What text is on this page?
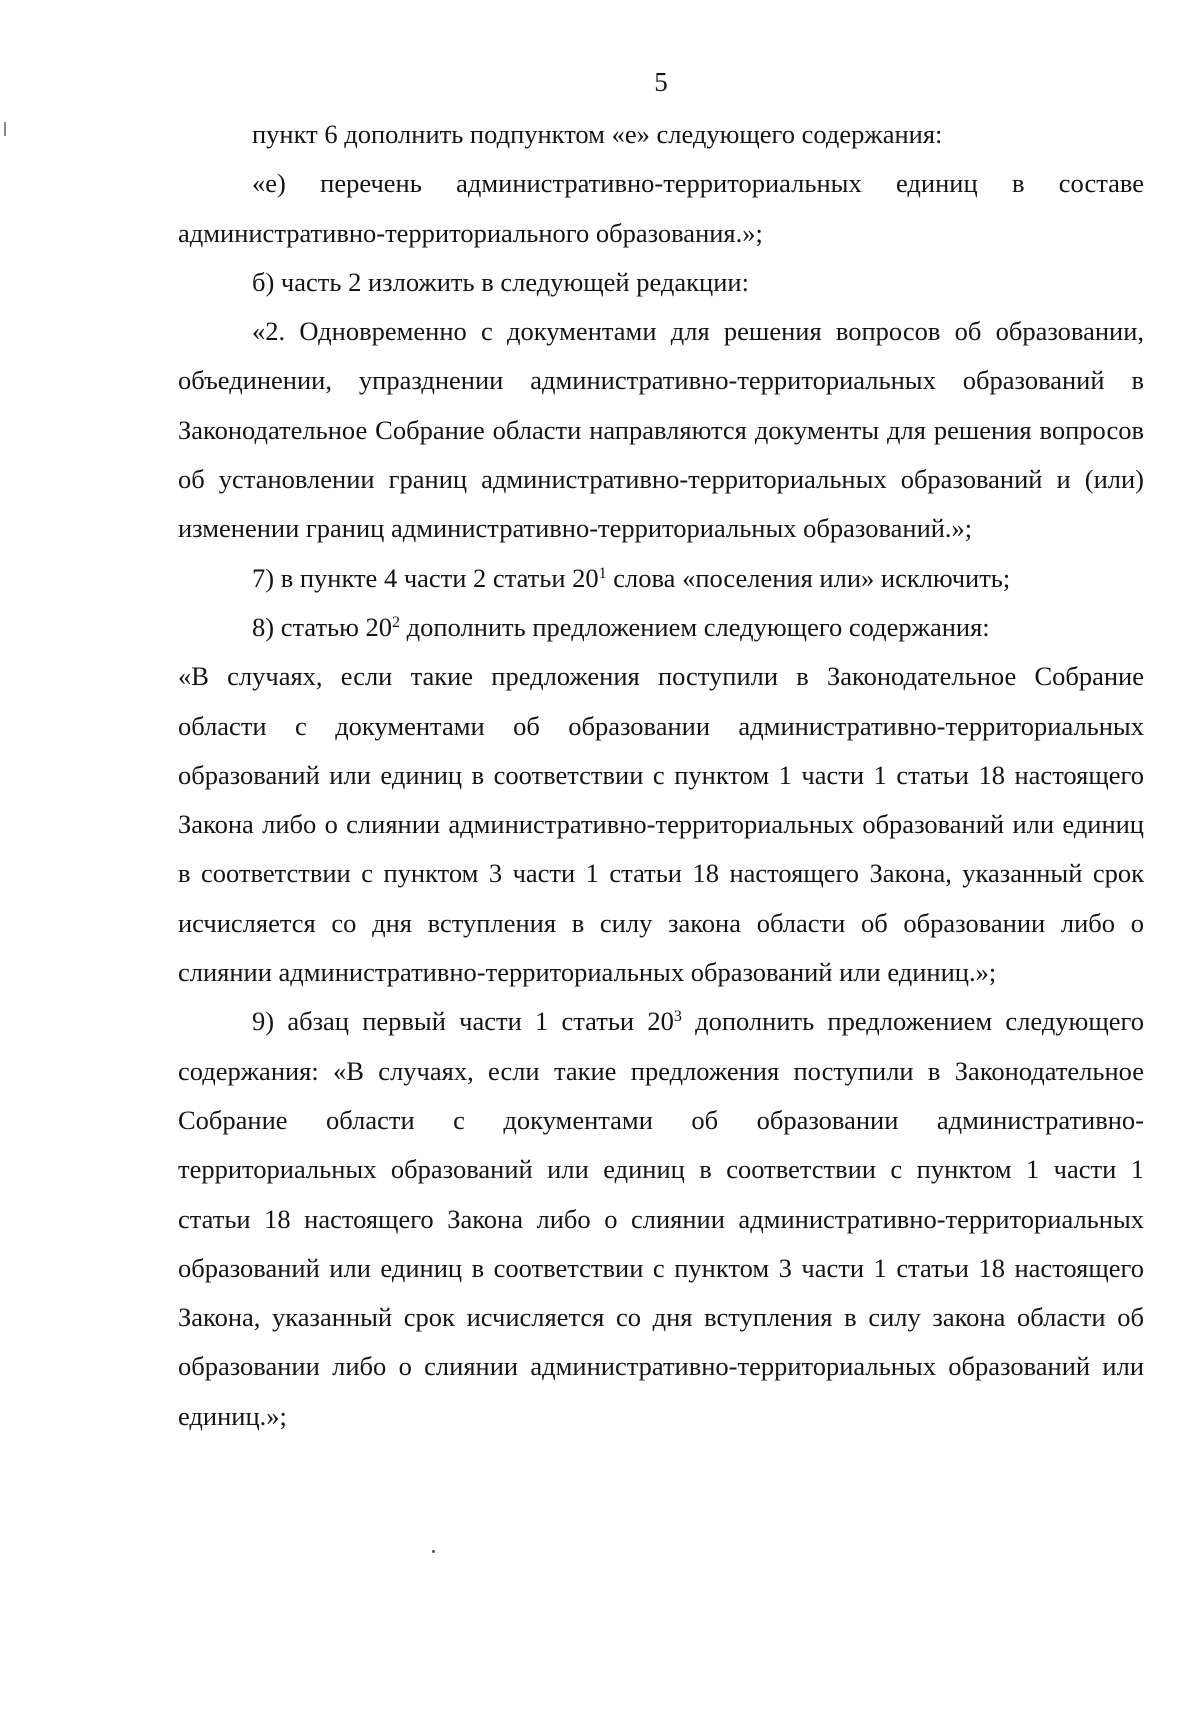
5

пункт 6 дополнить подпунктом «е» следующего содержания:

«е) перечень административно-территориальных единиц в составе административно-территориального образования.»;

б) часть 2 изложить в следующей редакции:

«2. Одновременно с документами для решения вопросов об образовании, объединении, упразднении административно-территориальных образований в Законодательное Собрание области направляются документы для решения вопросов об установлении границ административно-территориальных образований и (или) изменении границ административно-территориальных образований.»;

7) в пункте 4 части 2 статьи $20^1$ слова «поселения или» исключить;

8) статью $20^2$ дополнить предложением следующего содержания:

«В случаях, если такие предложения поступили в Законодательное Собрание области с документами об образовании административно-территориальных образований или единиц в соответствии с пунктом 1 части 1 статьи 18 настоящего Закона либо о слиянии административно-территориальных образований или единиц в соответствии с пунктом 3 части 1 статьи 18 настоящего Закона, указанный срок исчисляется со дня вступления в силу закона области об образовании либо о слиянии административно-территориальных образований или единиц.»;

9) абзац первый части 1 статьи $20^3$ дополнить предложением следующего содержания: «В случаях, если такие предложения поступили в Законодательное Собрание области с документами об образовании административно-территориальных образований или единиц в соответствии с пунктом 1 части 1 статьи 18 настоящего Закона либо о слиянии административно-территориальных образований или единиц в соответствии с пунктом 3 части 1 статьи 18 настоящего Закона, указанный срок исчисляется со дня вступления в силу закона области об образовании либо о слиянии административно-территориальных образований или единиц.»;
